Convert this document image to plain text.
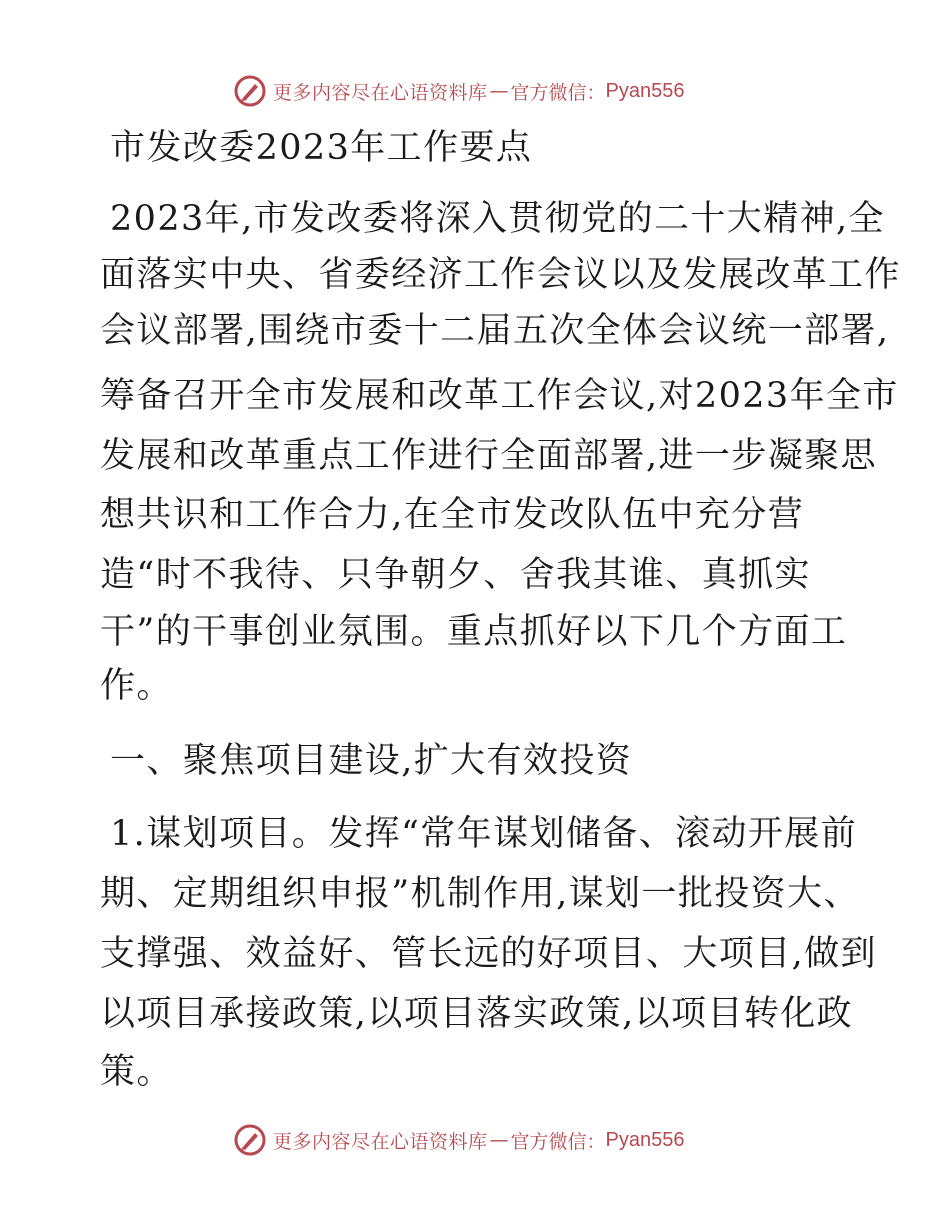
更多内容尽在心语资料库 — 官方微信： Pyan556
市发改委2023年工作要点
2023年,市发改委将深入贯彻党的二十大精神,全
面落实中央、省委经济工作会议以及发展改革工作
会议部署,围绕市委十二届五次全体会议统一部署,
筹备召开全市发展和改革工作会议,对2023年全市
发展和改革重点工作进行全面部署,进一步凝聚思
想共识和工作合力,在全市发改队伍中充分营
造“时不我待、只争朝夕、舍我其谁、真抓实
干”的干事创业氛围。重点抓好以下几个方面工
作。
一、聚焦项目建设,扩大有效投资
1.谋划项目。发挥“常年谋划储备、滚动开展前
期、定期组织申报”机制作用,谋划一批投资大、
支撑强、效益好、管长远的好项目、大项目,做到
以项目承接政策,以项目落实政策,以项目转化政
策。
更多内容尽在心语资料库 — 官方微信： Pyan556
